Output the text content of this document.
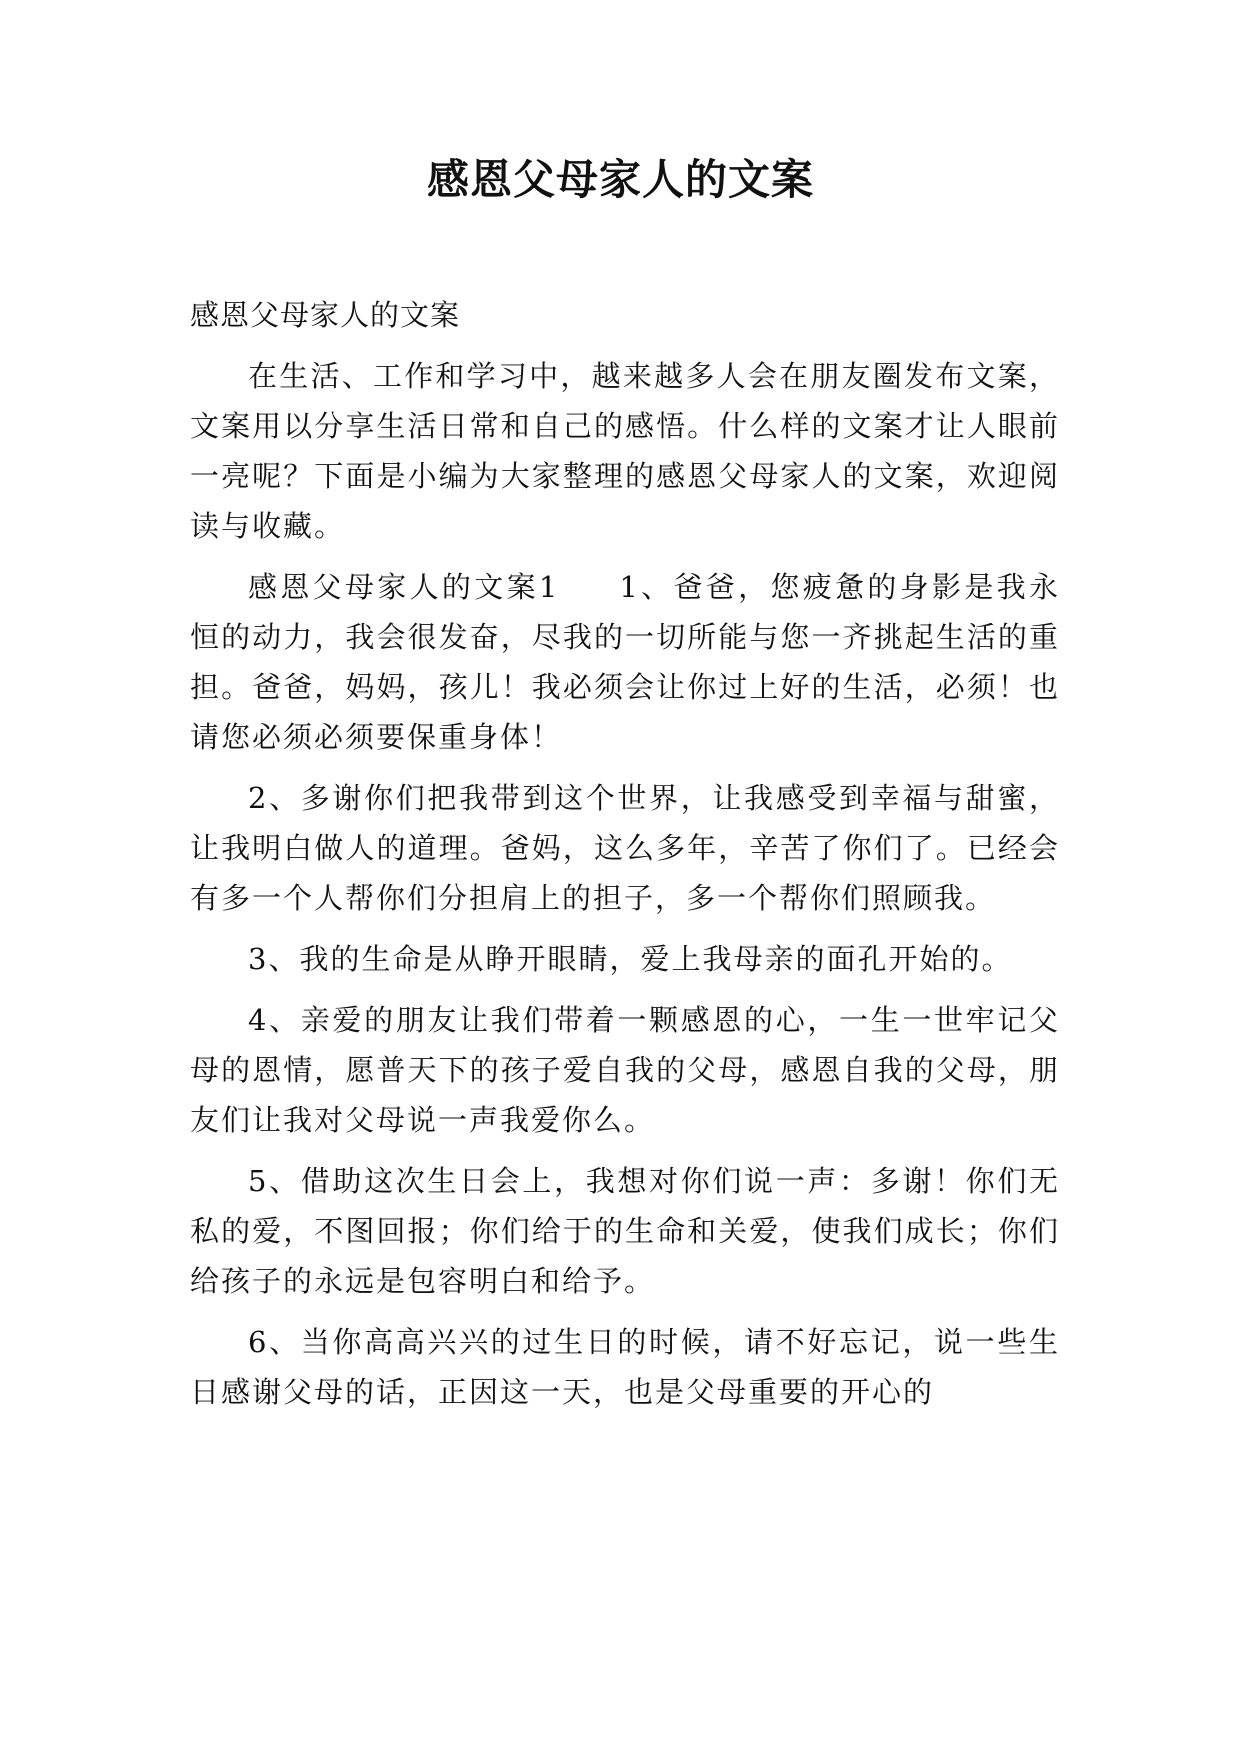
感恩父母家人的文案

感恩父母家人的文案

在生活、工作和学习中，越来越多人会在朋友圈发布文案，文案用以分享生活日常和自己的感悟。什么样的文案才让人眼前一亮呢？下面是小编为大家整理的感恩父母家人的文案，欢迎阅读与收藏。

感恩父母家人的文案1 1、爸爸，您疲惫的身影是我永恒的动力，我会很发奋，尽我的一切所能与您一齐挑起生活的重担。爸爸，妈妈，孩儿！我必须会让你过上好的生活，必须！也请您必须必须要保重身体！

2、多谢你们把我带到这个世界，让我感受到幸福与甜蜜，让我明白做人的道理。爸妈，这么多年，辛苦了你们了。已经会有多一个人帮你们分担肩上的担子，多一个帮你们照顾我。

3、我的生命是从睁开眼睛，爱上我母亲的面孔开始的。

4、亲爱的朋友让我们带着一颗感恩的心，一生一世牢记父母的恩情，愿普天下的孩子爱自我的父母，感恩自我的父母，朋友们让我对父母说一声我爱你么。

5、借助这次生日会上，我想对你们说一声：多谢！你们无私的爱，不图回报；你们给于的生命和关爱，使我们成长；你们给孩子的永远是包容明白和给予。

6、当你高高兴兴的过生日的时候，请不好忘记，说一些生日感谢父母的话，正因这一天，也是父母重要的开心的
